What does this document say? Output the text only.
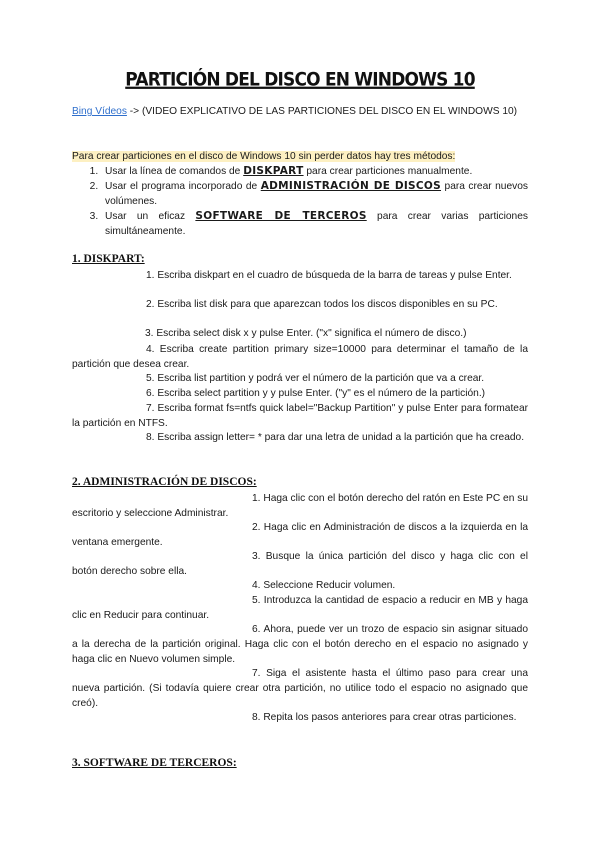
PARTICIÓN DEL DISCO EN WINDOWS 10
Bing Vídeos -> (VIDEO EXPLICATIVO DE LAS PARTICIONES DEL DISCO EN EL WINDOWS 10)
Para crear particiones en el disco de Windows 10 sin perder datos hay tres métodos:
1. Usar la línea de comandos de DISKPART para crear particiones manualmente.
2. Usar el programa incorporado de ADMINISTRACIÓN DE DISCOS para crear nuevos volúmenes.
3. Usar un eficaz SOFTWARE DE TERCEROS para crear varias particiones simultáneamente.
1. DISKPART:
1. Escriba diskpart en el cuadro de búsqueda de la barra de tareas y pulse Enter.
2. Escriba list disk para que aparezcan todos los discos disponibles en su PC.
3. Escriba select disk x y pulse Enter. ("x" significa el número de disco.)
4. Escriba create partition primary size=10000 para determinar el tamaño de la partición que desea crear.
5. Escriba list partition y podrá ver el número de la partición que va a crear.
6. Escriba select partition y y pulse Enter. ("y" es el número de la partición.)
7. Escriba format fs=ntfs quick label="Backup Partition" y pulse Enter para formatear la partición en NTFS.
8. Escriba assign letter= * para dar una letra de unidad a la partición que ha creado.
2. ADMINISTRACIÓN DE DISCOS:
1. Haga clic con el botón derecho del ratón en Este PC en su escritorio y seleccione Administrar.
2. Haga clic en Administración de discos a la izquierda en la ventana emergente.
3. Busque la única partición del disco y haga clic con el botón derecho sobre ella.
4. Seleccione Reducir volumen.
5. Introduzca la cantidad de espacio a reducir en MB y haga clic en Reducir para continuar.
6. Ahora, puede ver un trozo de espacio sin asignar situado a la derecha de la partición original. Haga clic con el botón derecho en el espacio no asignado y haga clic en Nuevo volumen simple.
7. Siga el asistente hasta el último paso para crear una nueva partición. (Si todavía quiere crear otra partición, no utilice todo el espacio no asignado que creó).
8. Repita los pasos anteriores para crear otras particiones.
3. SOFTWARE DE TERCEROS:
